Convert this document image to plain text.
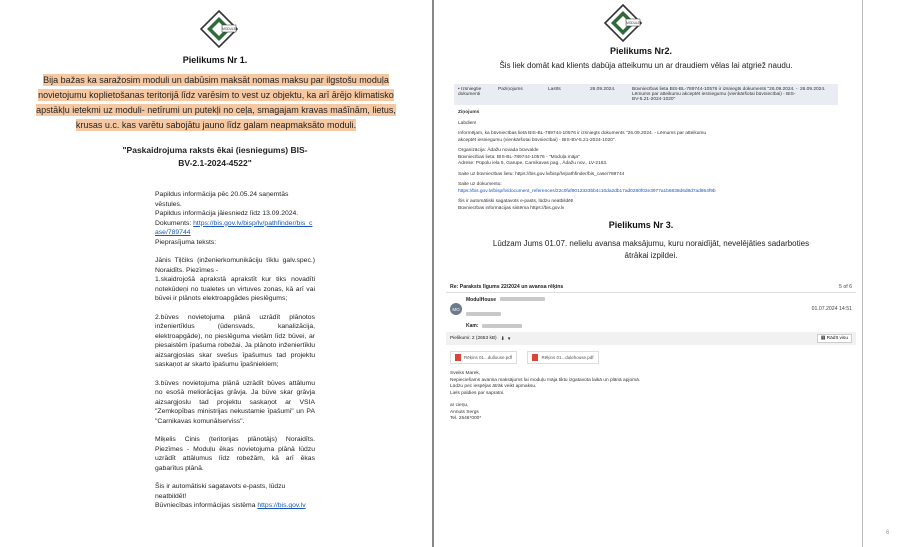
MODULE
Pielikums Nr 1.
Bija bažas ka saražosim moduli un dabūsim maksāt nomas maksu par ilgstošu moduļa
novietojumu koplietošanas teritorijā līdz varēsim to vest uz objektu, ka arī ārējo klimatisko
apstākļu ietekmi uz moduli- netīrumi un putekļi no ceļa, smagajam kravas mašīnām, lietus,
krusas u.c. kas varētu sabojātu jauno līdz galam neapmaksāto moduli.
"Paskaidrojuma raksts ēkai (iesniegums) BIS-
BV-2.1-2024-4522"
Papildus informācija pēc 20.05.24 saņemtās vēstules.
Papildus informācija jāiesniedz līdz 13.09.2024.
Dokuments: https://bis.gov.lv/bisp/lv/pathfinder/bis_case/789744
Pieprasījuma teksts:
Jānis Tiļčiks (inženierkomunikāciju tīklu galv.spec.) Noraidīts. Piezīmes -

1.skaidrojošā aprakstā aprakstīt kur tiks novadīti notekūdeņi no tualetes un virtuves zonas, kā arī vai būvei ir plānots elektroapgādes pieslēgums;

2.būves novietojuma plānā uzrādīt plānotos inženiertīklus (ūdensvads, kanalizācija, elektroapgāde), no pieslēguma vietām līdz būvei, ar piesaistēm īpašuma robežai. Ja plānoto inženiertīklu aizsargjoslas skar svešus īpašumus tad projektu saskaņot ar skarto īpašumu īpašniekiem;

3.būves novietojuma plānā uzrādīt būves attālumu no esošā meliorācijas grāvja. Ja būve skar grāvja aizsargjoslu tad projektu saskaņot ar VSIA "Zemkopības ministrijas nekustamie īpašumi" un PA "Carnikavas komunālserviss".

Miķelis Cinis (teritorijas plānotājs) Noraidīts. Piezīmes - Moduļu ēkas novietojuma plānā lūdzu uzrādīt attālumus līdz robežām, kā arī ēkas gabarītus plānā.

Šis ir automātiski sagatavots e-pasts, lūdzu neatbildēt!
Būvniecības informācijas sistēma https://bis.gov.lv
MODULE
Pielikums Nr2.
Šis liek domāt kad klients dabūja atteikumu un ar draudiem vēlas lai atgriež naudu.
• Izsniegtie dokumenti
Paziņojums	Lasīts	26.09.2024.	Būvniecības lieta BIS-BL-789744-10576 ir izsniegts dokuments "26.09.2024. - Lēmums par atteikumu akceptēt iesniegumu (vienkāršotai būvniecībai) - BIS-BV-5.21-2024-1020"
26.09.2024.
Ziņojums
Labdien!
Informējam, ka būvniecības lietā BIS-BL-789744-10576 ir izsniegts dokuments "26.09.2024. - Lēmums par atteikumu
akceptēt iesniegumu (vienkāršotai būvniecībai) - BIS-BV-5.21-2024-1020".
Organizācija: Ādažu novada būvvalde
Būvniecības lieta: BIS-BL-789744-10576 - "Moduļa māja"
Adrese: Pūpolu iela 5, Garupe, Carnikavas pag., Ādažu nov., LV-2163.
Saite uz būvniecības lietu: https://bis.gov.lv/bisp/lv/pathfinder/bis_case/789744
Saite uz dokumentu:
https://bis.gov.lv/bisp/lv/document_references/22c0faf9012323bb4c10da2db17ad0280f02e3977a1b6838d6d8d7ad864f9b
Šis ir automātiski sagatavots e-pasts, lūdzu neatbildēt!
Būvniecības informācijas sistēma https://bis.gov.lv
Pielikums Nr 3.
Lūdzam Jums 01.07. nelielu avansa maksājumu, kuru noraidījāt, nevelējāties sadarboties
ātrākai izpildei.
Re: Paraksts līgums 22/2024 un avansa rēķins	5 of 6
MO
ModulHouse
01.07.2024 14:51
Kam:
Pielikumi: 2 (2653 kB) ⬇ ▾	▦ Rādīt visu
Rēķins 01...dullouse.pdf
	Rēķins 01...dulehouse.pdf
Sveiks Marek,
Nepieciešams avansa maksājums lai moduļu māja tiktu izgatavota laikā un plānā apjomā.
Lūdzu pec iespējas ātrāk veikt apmaksu.
Liels paldies par sapratni.
ar cieņu,
Annuts Sergs
Tel. 2546*000*
6
